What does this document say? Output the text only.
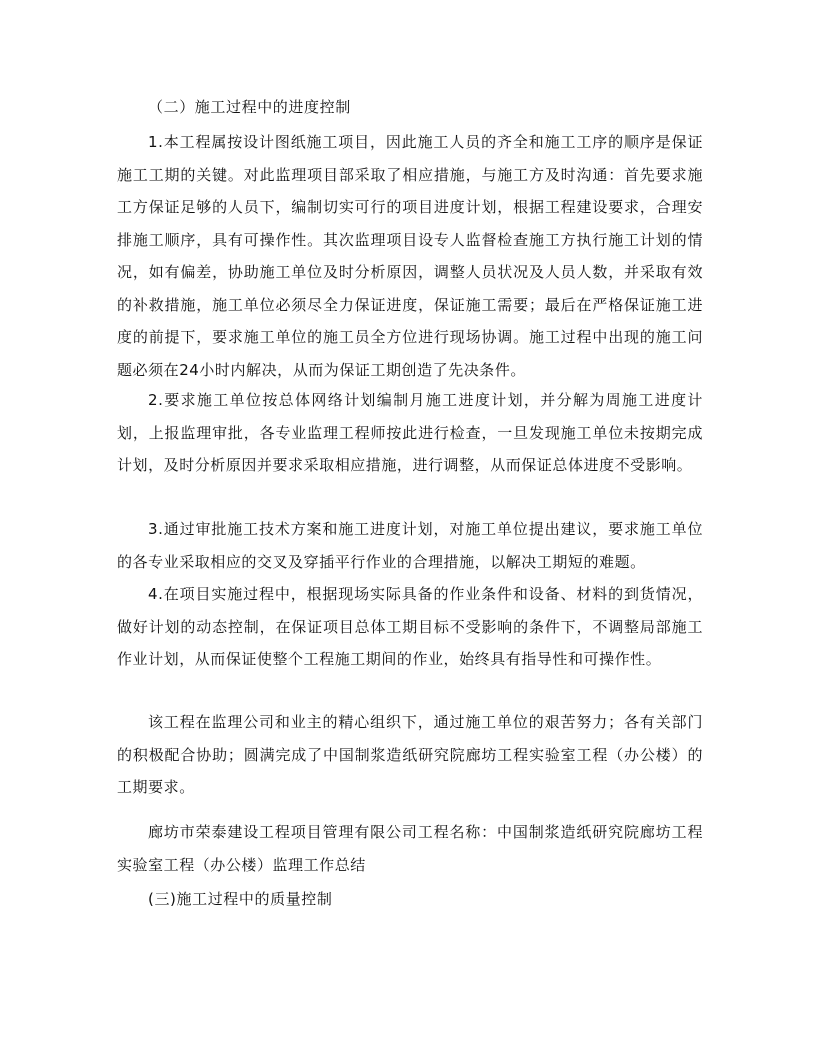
（二）施工过程中的进度控制

1.本工程属按设计图纸施工项目，因此施工人员的齐全和施工工序的顺序是保证施工工期的关键。对此监理项目部采取了相应措施，与施工方及时沟通：首先要求施工方保证足够的人员下，编制切实可行的项目进度计划，根据工程建设要求，合理安排施工顺序，具有可操作性。其次监理项目设专人监督检查施工方执行施工计划的情况，如有偏差，协助施工单位及时分析原因，调整人员状况及人员人数，并采取有效的补救措施，施工单位必须尽全力保证进度，保证施工需要；最后在严格保证施工进度的前提下，要求施工单位的施工员全方位进行现场协调。施工过程中出现的施工问题必须在24小时内解决，从而为保证工期创造了先决条件。

2.要求施工单位按总体网络计划编制月施工进度计划，并分解为周施工进度计划，上报监理审批，各专业监理工程师按此进行检查，一旦发现施工单位未按期完成计划，及时分析原因并要求采取相应措施，进行调整，从而保证总体进度不受影响。

3.通过审批施工技术方案和施工进度计划，对施工单位提出建议，要求施工单位的各专业采取相应的交叉及穿插平行作业的合理措施，以解决工期短的难题。

4.在项目实施过程中，根据现场实际具备的作业条件和设备、材料的到货情况，做好计划的动态控制，在保证项目总体工期目标不受影响的条件下，不调整局部施工作业计划，从而保证使整个工程施工期间的作业，始终具有指导性和可操作性。

该工程在监理公司和业主的精心组织下，通过施工单位的艰苦努力；各有关部门的积极配合协助；圆满完成了中国制浆造纸研究院廊坊工程实验室工程（办公楼）的工期要求。

廊坊市荣泰建设工程项目管理有限公司工程名称：中国制浆造纸研究院廊坊工程实验室工程（办公楼）监理工作总结

(三)施工过程中的质量控制
